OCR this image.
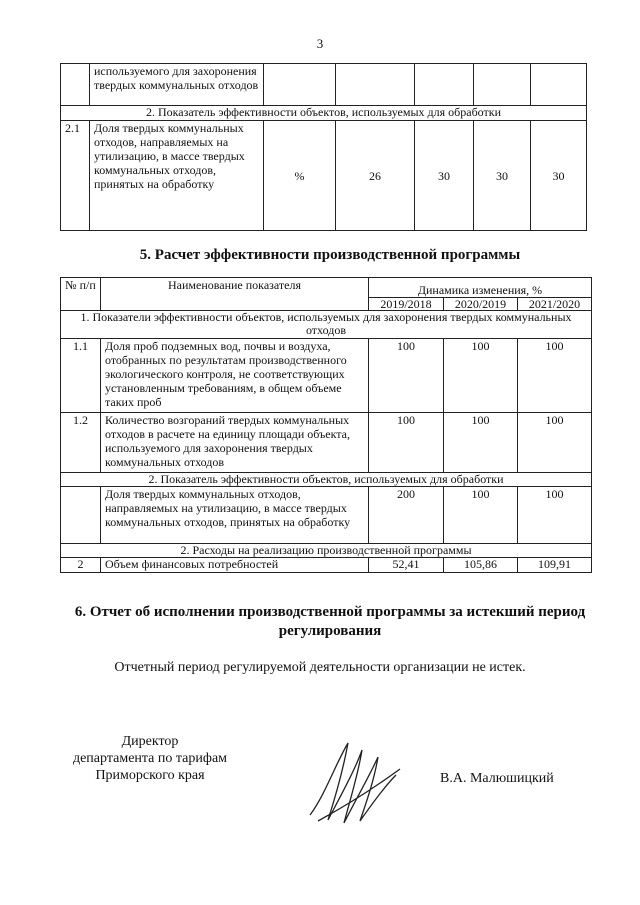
3
	используемого для захоронения твердых коммунальных отходов					
2. Показатель эффективности объектов, используемых для обработки						
2.1	Доля твердых коммунальных отходов, направляемых на утилизацию, в массе твердых коммунальных отходов, принятых на обработку	%	26	30	30	30
5. Расчет эффективности производственной программы
№ п/п	Наименование показателя	Динамика изменения, %		
		2019/2018	2020/2019	2021/2020
1. Показатели эффективности объектов, используемых для захоронения твердых коммунальных отходов				
1.1	Доля проб подземных вод, почвы и воздуха, отобранных по результатам производственного экологического контроля, не соответствующих установленным требованиям, в общем объеме таких проб	100	100	100
1.2	Количество возгораний твердых коммунальных отходов в расчете на единицу площади объекта, используемого для захоронения твердых коммунальных отходов	100	100	100
2. Показатель эффективности объектов, используемых для обработки				
	Доля твердых коммунальных отходов, направляемых на утилизацию, в массе твердых коммунальных отходов, принятых на обработку	200	100	100
2. Расходы на реализацию производственной программы				
2	Объем финансовых потребностей	52,41	105,86	109,91
6. Отчет об исполнении производственной программы за истекший период регулирования
Отчетный период регулируемой деятельности организации не истек.
Директор
департамента по тарифам
Приморского края	В.А. Малюшицкий
